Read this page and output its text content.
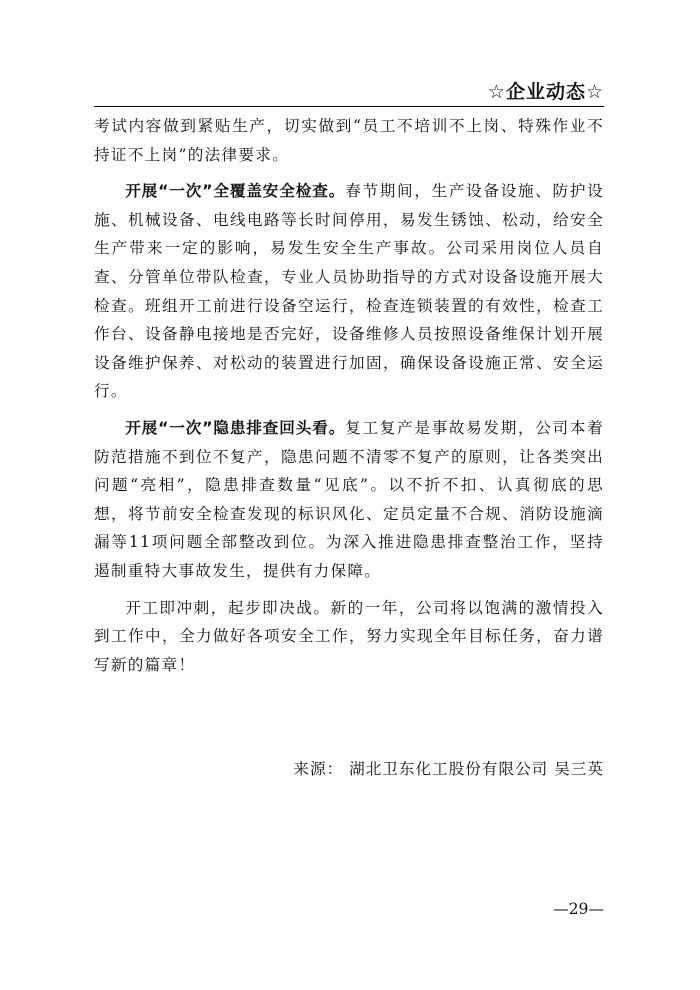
☆企业动态☆

考试内容做到紧贴生产，切实做到“员工不培训不上岗、特殊作业不持证不上岗”的法律要求。

开展“一次”全覆盖安全检查。春节期间，生产设备设施、防护设施、机械设备、电线电路等长时间停用，易发生锈蚀、松动，给安全生产带来一定的影响，易发生安全生产事故。公司采用岗位人员自查、分管单位带队检查，专业人员协助指导的方式对设备设施开展大检查。班组开工前进行设备空运行，检查连锁装置的有效性，检查工作台、设备静电接地是否完好，设备维修人员按照设备维保计划开展设备维护保养、对松动的装置进行加固，确保设备设施正常、安全运行。

开展“一次”隐患排查回头看。复工复产是事故易发期，公司本着防范措施不到位不复产，隐患问题不清零不复产的原则，让各类突出问题“亮相”，隐患排查数量“见底”。以不折不扣、认真彻底的思想，将节前安全检查发现的标识风化、定员定量不合规、消防设施滴漏等11项问题全部整改到位。为深入推进隐患排查整治工作，坚持遏制重特大事故发生，提供有力保障。

开工即冲刺，起步即决战。新的一年，公司将以饱满的激情投入到工作中，全力做好各项安全工作，努力实现全年目标任务，奋力谱写新的篇章！

来源： 湖北卫东化工股份有限公司 吴三英
—29—
